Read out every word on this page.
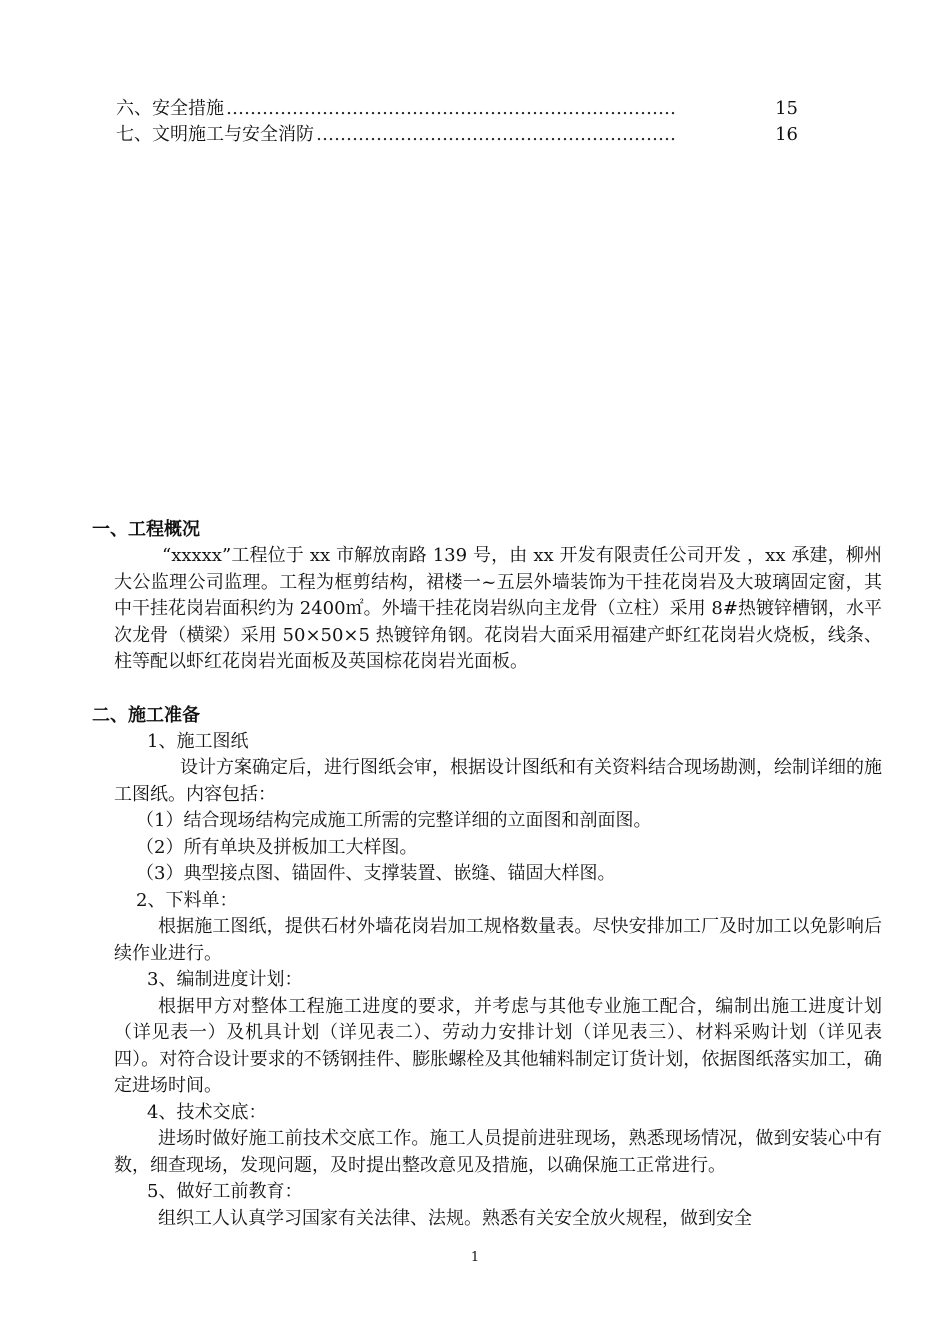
六、安全措施 …………………………………………………………………	15
七、文明施工与安全消防 ……………………………………………………	16

一、工程概况

“xxxxx”工程位于 xx 市解放南路 139 号，由 xx 开发有限责任公司开发 ，xx 承建，柳州大公监理公司监理。工程为框剪结构，裙楼一~五层外墙装饰为干挂花岗岩及大玻璃固定窗，其中干挂花岗岩面积约为 2400㎡。外墙干挂花岗岩纵向主龙骨（立柱）采用 8#热镀锌槽钢，水平次龙骨（横梁）采用 50×50×5 热镀锌角钢。花岗岩大面采用福建产虾红花岗岩火烧板，线条、柱等配以虾红花岗岩光面板及英国棕花岗岩光面板。

二、施工准备

1、施工图纸

设计方案确定后，进行图纸会审，根据设计图纸和有关资料结合现场勘测，绘制详细的施工图纸。内容包括：

（1）结合现场结构完成施工所需的完整详细的立面图和剖面图。

（2）所有单块及拼板加工大样图。

（3）典型接点图、锚固件、支撑装置、嵌缝、锚固大样图。

2、下料单：

根据施工图纸，提供石材外墙花岗岩加工规格数量表。尽快安排加工厂及时加工以免影响后续作业进行。

3、编制进度计划：

根据甲方对整体工程施工进度的要求，并考虑与其他专业施工配合，编制出施工进度计划（详见表一）及机具计划（详见表二）、劳动力安排计划（详见表三）、材料采购计划（详见表四）。对符合设计要求的不锈钢挂件、膨胀螺栓及其他辅料制定订货计划，依据图纸落实加工，确定进场时间。

4、技术交底：

进场时做好施工前技术交底工作。施工人员提前进驻现场，熟悉现场情况，做到安装心中有数，细查现场，发现问题，及时提出整改意见及措施，以确保施工正常进行。

5、做好工前教育：

组织工人认真学习国家有关法律、法规。熟悉有关安全放火规程，做到安全

1
